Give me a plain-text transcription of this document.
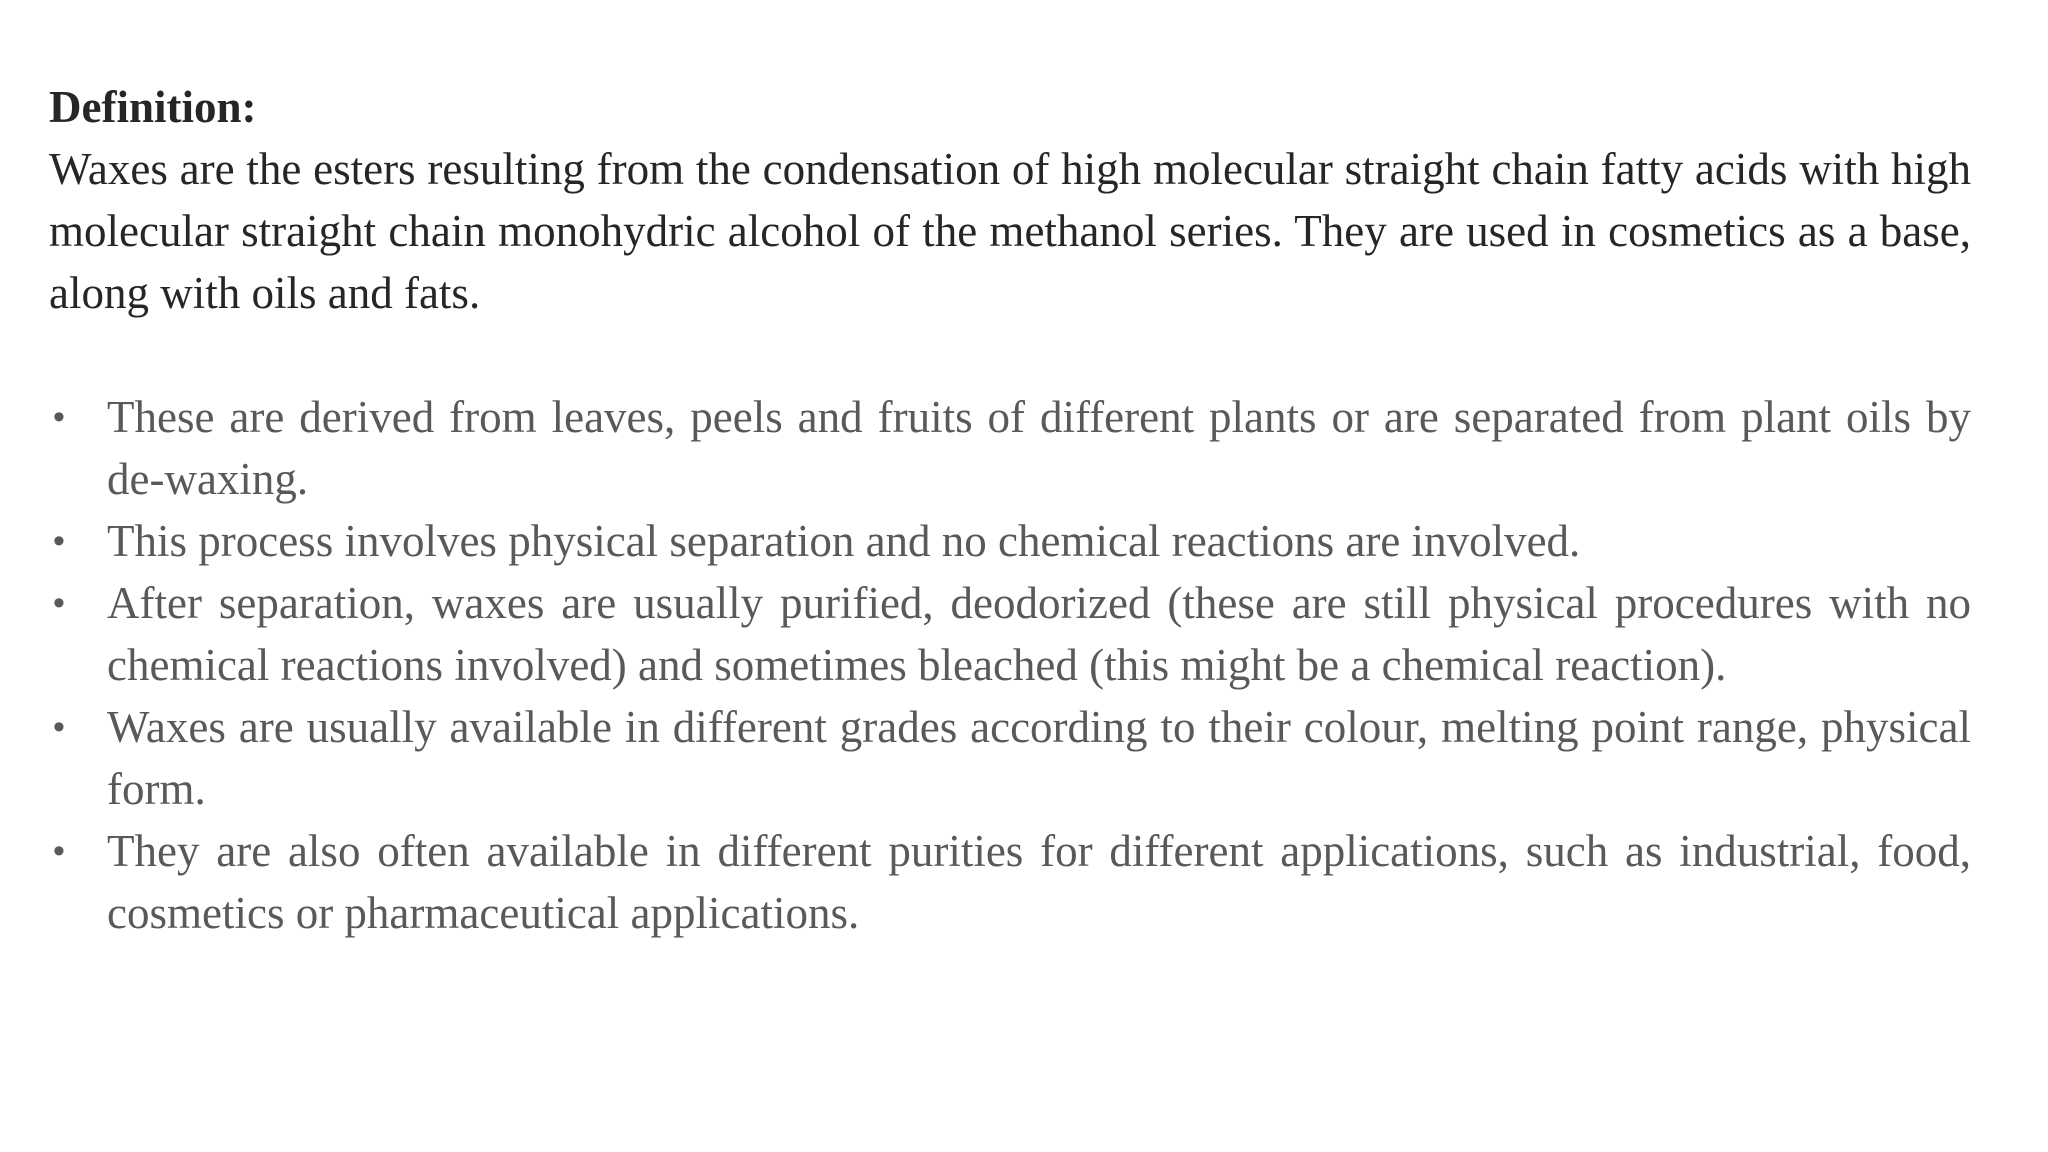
Definition:

Waxes are the esters resulting from the condensation of high molecular straight chain fatty acids with high molecular straight chain monohydric alcohol of the methanol series. They are used in cosmetics as a base, along with oils and fats.

• These are derived from leaves, peels and fruits of different plants or are separated from plant oils by de-waxing.
• This process involves physical separation and no chemical reactions are involved.
• After separation, waxes are usually purified, deodorized (these are still physical procedures with no chemical reactions involved) and sometimes bleached (this might be a chemical reaction).
• Waxes are usually available in different grades according to their colour, melting point range, physical form.
• They are also often available in different purities for different applications, such as industrial, food, cosmetics or pharmaceutical applications.
